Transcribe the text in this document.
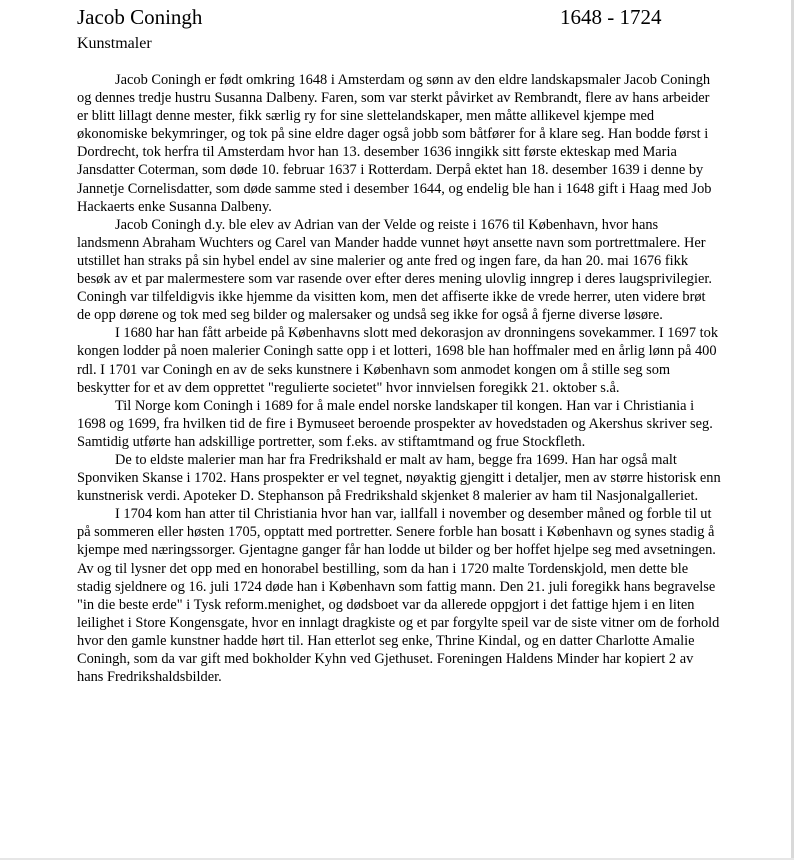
Jacob Coningh	1648 - 1724
Kunstmaler

Jacob Coningh er født omkring 1648 i Amsterdam og sønn av den eldre landskapsmaler Jacob Coningh og dennes tredje hustru Susanna Dalbeny. Faren, som var sterkt påvirket av Rembrandt, flere av hans arbeider er blitt lillagt denne mester, fikk særlig ry for sine slettelandskaper, men måtte allikevel kjempe med økonomiske bekymringer, og tok på sine eldre dager også jobb som båtfører for å klare seg. Han bodde først i Dordrecht, tok herfra til Amsterdam hvor han 13. desember 1636 inngikk sitt første ekteskap med Maria Jansdatter Coterman, som døde 10. februar 1637 i Rotterdam. Derpå ektet han 18. desember 1639 i denne by Jannetje Cornelisdatter, som døde samme sted i desember 1644, og endelig ble han i 1648 gift i Haag med Job Hackaerts enke Susanna Dalbeny.

Jacob Coningh d.y. ble elev av Adrian van der Velde og reiste i 1676 til København, hvor hans landsmenn Abraham Wuchters og Carel van Mander hadde vunnet høyt ansette navn som portrettmalere. Her utstillet han straks på sin hybel endel av sine malerier og ante fred og ingen fare, da han 20. mai 1676 fikk besøk av et par malermestere som var rasende over efter deres mening ulovlig inngrep i deres laugsprivilegier. Coningh var tilfeldigvis ikke hjemme da visitten kom, men det affiserte ikke de vrede herrer, uten videre brøt de opp dørene og tok med seg bilder og malersaker og undså seg ikke for også å fjerne diverse løsøre.

I 1680 har han fått arbeide på Københavns slott med dekorasjon av dronningens sovekammer. I 1697 tok kongen lodder på noen malerier Coningh satte opp i et lotteri, 1698 ble han hoffmaler med en årlig lønn på 400 rdl. I 1701 var Coningh en av de seks kunstnere i København som anmodet kongen om å stille seg som beskytter for et av dem opprettet "regulierte societet" hvor innvielsen foregikk 21. oktober s.å.

Til Norge kom Coningh i 1689 for å male endel norske landskaper til kongen. Han var i Christiania i 1698 og 1699, fra hvilken tid de fire i Bymuseet beroende prospekter av hovedstaden og Akershus skriver seg. Samtidig utførte han adskillige portretter, som f.eks. av stiftamtmand og frue Stockfleth.

De to eldste malerier man har fra Fredrikshald er malt av ham, begge fra 1699. Han har også malt Sponviken Skanse i 1702. Hans prospekter er vel tegnet, nøyaktig gjengitt i detaljer, men av større historisk enn kunstnerisk verdi. Apoteker D. Stephanson på Fredrikshald skjenket 8 malerier av ham til Nasjonalgalleriet.

I 1704 kom han atter til Christiania hvor han var, iallfall i november og desember måned og forble til ut på sommeren eller høsten 1705, opptatt med portretter. Senere forble han bosatt i København og synes stadig å kjempe med næringssorger. Gjentagne ganger får han lodde ut bilder og ber hoffet hjelpe seg med avsetningen. Av og til lysner det opp med en honorabel bestilling, som da han i 1720 malte Tordenskjold, men dette ble stadig sjeldnere og 16. juli 1724 døde han i København som fattig mann. Den 21. juli foregikk hans begravelse "in die beste erde" i Tysk reform.menighet, og dødsboet var da allerede oppgjort i det fattige hjem i en liten leilighet i Store Kongensgate, hvor en innlagt dragkiste og et par forgylte speil var de siste vitner om de forhold hvor den gamle kunstner hadde hørt til. Han etterlot seg enke, Thrine Kindal, og en datter Charlotte Amalie Coningh, som da var gift med bokholder Kyhn ved Gjethuset. Foreningen Haldens Minder har kopiert 2 av hans Fredrikshaldsbilder.
